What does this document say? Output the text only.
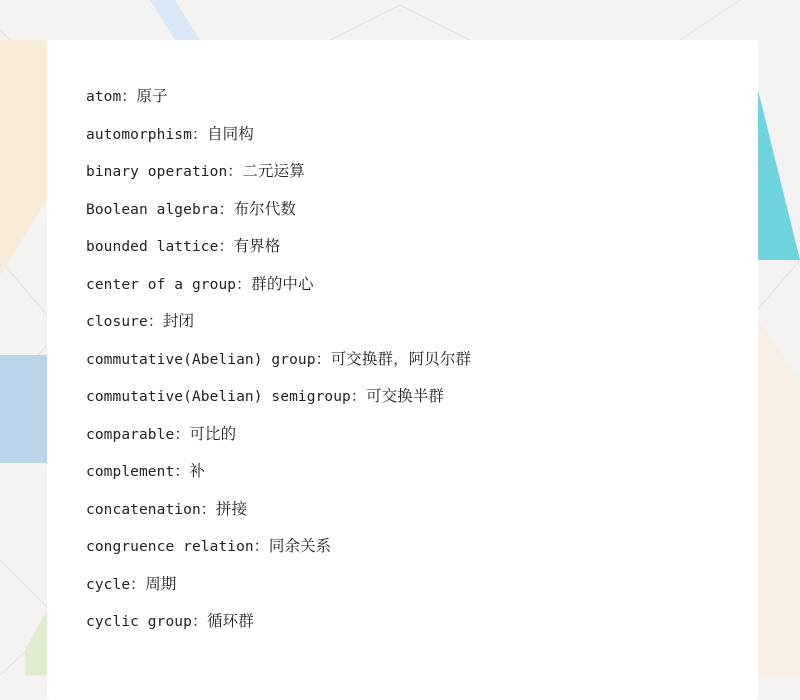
atom：原子
automorphism：自同构
binary operation：二元运算
Boolean algebra：布尔代数
bounded lattice：有界格
center of a group：群的中心
closure：封闭
commutative(Abelian) group：可交换群，阿贝尔群
commutative(Abelian) semigroup：可交换半群
comparable：可比的
complement：补
concatenation：拼接
congruence relation：同余关系
cycle：周期
cyclic group：循环群
